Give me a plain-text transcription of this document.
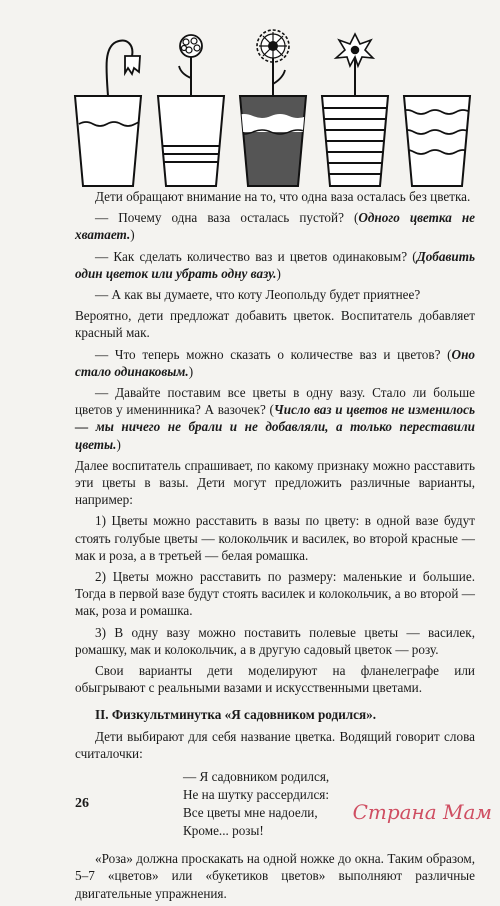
Дети обращают внимание на то, что одна ваза осталась без цветка.

— Почему одна ваза осталась пустой? (Одного цветка не хватает.)

— Как сделать количество ваз и цветов одинаковым? (Добавить один цветок или убрать одну вазу.)

— А как вы думаете, что коту Леопольду будет приятнее?

Вероятно, дети предложат добавить цветок. Воспитатель добавляет красный мак.

— Что теперь можно сказать о количестве ваз и цветов? (Оно стало одинаковым.)

— Давайте поставим все цветы в одну вазу. Стало ли больше цветов у именинника? А вазочек? (Число ваз и цветов не изменилось — мы ничего не брали и не добавляли, а только переставили цветы.)

Далее воспитатель спрашивает, по какому признаку можно расставить эти цветы в вазы. Дети могут предложить различные варианты, например:

1) Цветы можно расставить в вазы по цвету: в одной вазе будут стоять голубые цветы — колокольчик и василек, во второй красные — мак и роза, а в третьей — белая ромашка.

2) Цветы можно расставить по размеру: маленькие и большие. Тогда в первой вазе будут стоять василек и колокольчик, а во второй — мак, роза и ромашка.

3) В одну вазу можно поставить полевые цветы — василек, ромашку, мак и колокольчик, а в другую садовый цветок — розу.

Свои варианты дети моделируют на фланелеграфе или обыгрывают с реальными вазами и искусственными цветами.

II. Физкультминутка «Я садовником родился».

Дети выбирают для себя название цветка. Водящий говорит слова считалочки:

— Я садовником родился,
Не на шутку рассердился:
Все цветы мне надоели,
Кроме... розы!

«Роза» должна проскакать на одной ножке до окна. Таким образом, 5–7 «цветов» или «букетиков цветов» выполняют различные двигательные упражнения.

26	Страна Мам
